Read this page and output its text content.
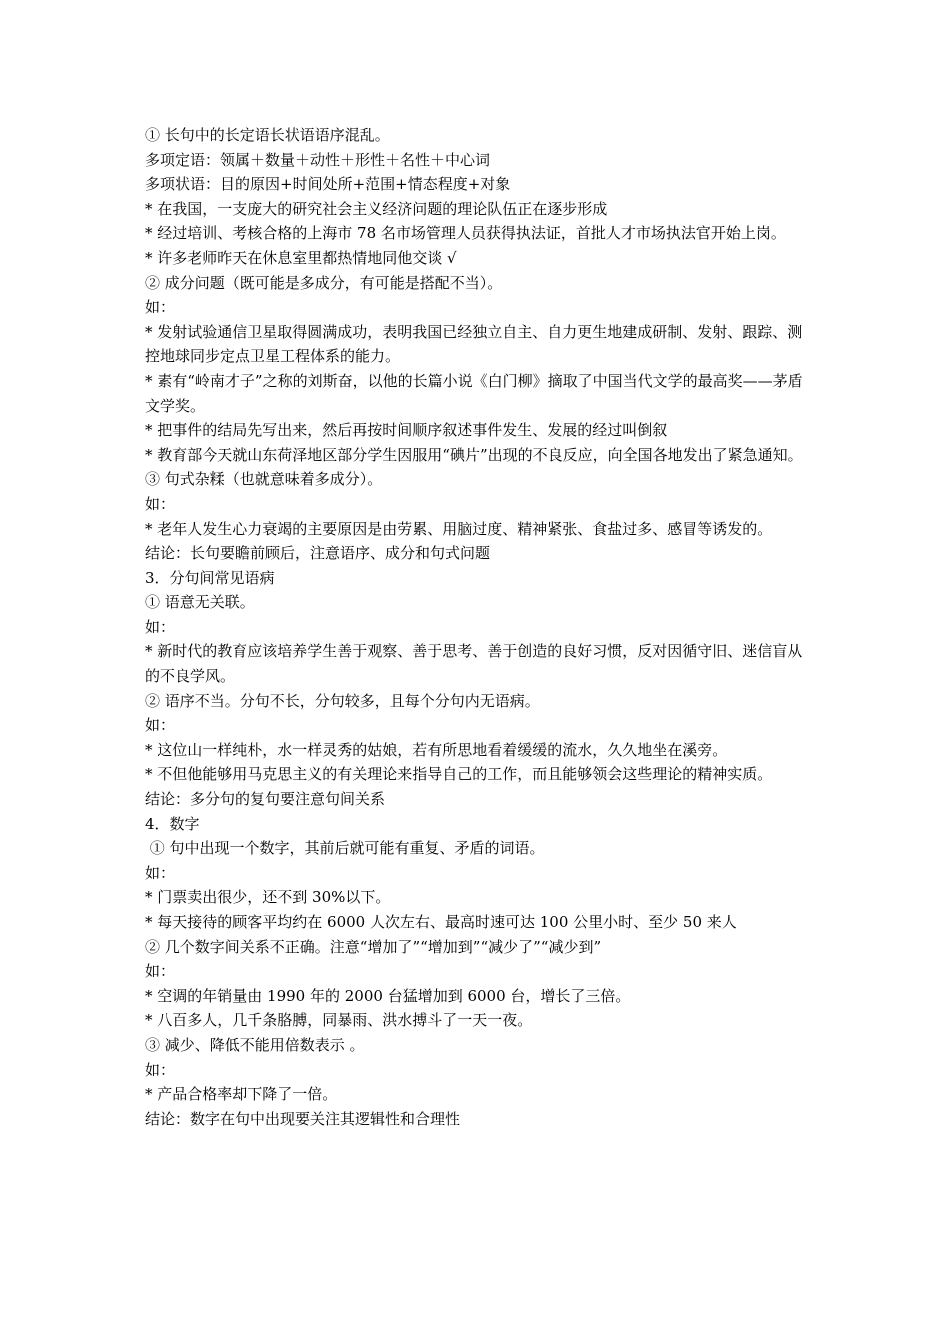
① 长句中的长定语长状语语序混乱。

多项定语：领属＋数量＋动性＋形性＋名性＋中心词

多项状语：目的原因+时间处所+范围+情态程度+对象

* 在我国，一支庞大的研究社会主义经济问题的理论队伍正在逐步形成

* 经过培训、考核合格的上海市 78 名市场管理人员获得执法证，首批人才市场执法官开始上岗。

* 许多老师昨天在休息室里都热情地同他交谈 √

② 成分问题（既可能是多成分，有可能是搭配不当）。

如：

* 发射试验通信卫星取得圆满成功，表明我国已经独立自主、自力更生地建成研制、发射、跟踪、测控地球同步定点卫星工程体系的能力。

* 素有“岭南才子”之称的刘斯奋，以他的长篇小说《白门柳》摘取了中国当代文学的最高奖——茅盾文学奖。

* 把事件的结局先写出来，然后再按时间顺序叙述事件发生、发展的经过叫倒叙

* 教育部今天就山东荷泽地区部分学生因服用“碘片”出现的不良反应，向全国各地发出了紧急通知。

③ 句式杂糅（也就意味着多成分）。

如：

* 老年人发生心力衰竭的主要原因是由劳累、用脑过度、精神紧张、食盐过多、感冒等诱发的。

结论：长句要瞻前顾后，注意语序、成分和句式问题

3．分句间常见语病

① 语意无关联。

如：

* 新时代的教育应该培养学生善于观察、善于思考、善于创造的良好习惯，反对因循守旧、迷信盲从的不良学风。

② 语序不当。分句不长，分句较多，且每个分句内无语病。

如：

* 这位山一样纯朴，水一样灵秀的姑娘，若有所思地看着缓缓的流水，久久地坐在溪旁。

* 不但他能够用马克思主义的有关理论来指导自己的工作，而且能够领会这些理论的精神实质。

结论：多分句的复句要注意句间关系

4．数字

① 句中出现一个数字，其前后就可能有重复、矛盾的词语。

如：

* 门票卖出很少，还不到 30%以下。

* 每天接待的顾客平均约在 6000 人次左右、最高时速可达 100 公里小时、至少 50 来人

② 几个数字间关系不正确。注意“增加了”“增加到”“减少了”“减少到”

如：

* 空调的年销量由 1990 年的 2000 台猛增加到 6000 台，增长了三倍。

* 八百多人，几千条胳膊，同暴雨、洪水搏斗了一天一夜。

③ 减少、降低不能用倍数表示 。

如：

* 产品合格率却下降了一倍。

结论：数字在句中出现要关注其逻辑性和合理性
